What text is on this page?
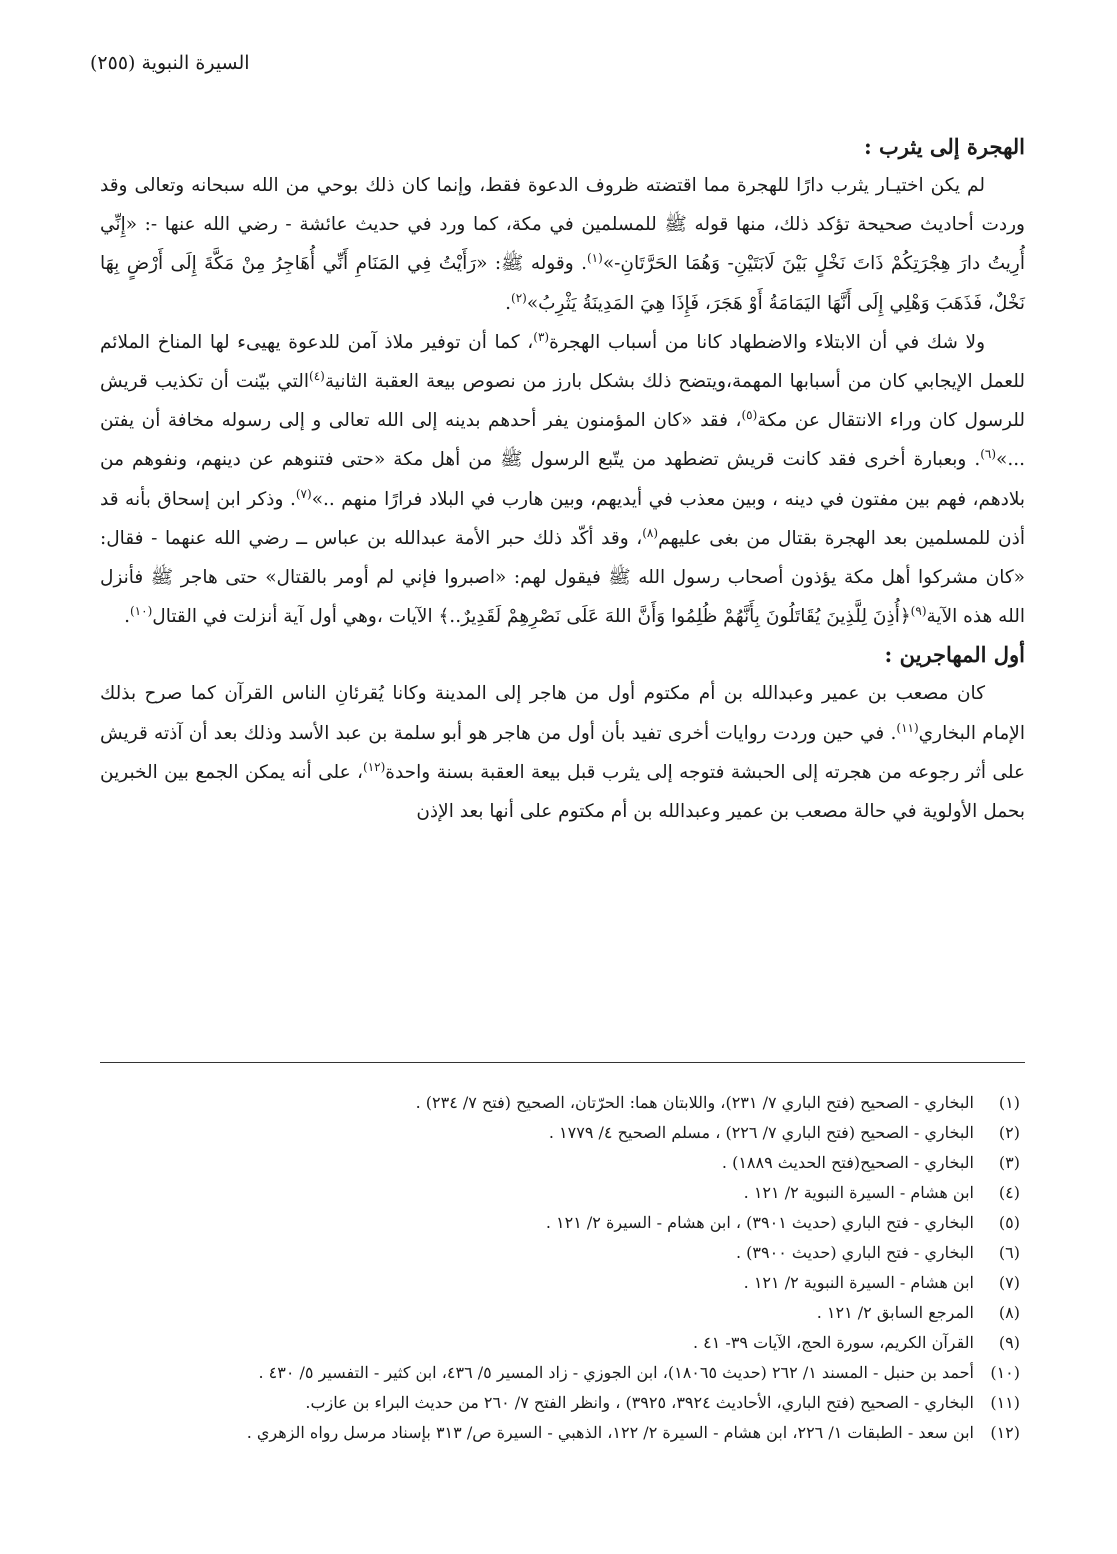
السيرة النبوية (٢٥٥)
الهجرة إلى يثرب :

لم يكن اختيـار يثرب دارًا للهجرة مما اقتضته ظروف الدعوة فقط، وإنما كان ذلك بوحي من الله سبحانه وتعالى وقد وردت أحاديث صحيحة تؤكد ذلك، منها قوله ﷺ للمسلمين في مكة، كما ورد في حديث عائشة - رضي الله عنها -: «إِنِّي أُرِيتُ دارَ هِجْرَتِكُمْ ذَاتَ نَخْلٍ بَيْنَ لَابَتَيْنِ- وَهُمَا الحَرَّتَانِ-»$^{(١)}$. وقوله ﷺ: «رَأَيْتُ فِي المَنَامِ أَنِّي أُهَاجِرُ مِنْ مَكَّةَ إِلَى أَرْضٍ بِهَا نَخْلٌ، فَذَهَبَ وَهْلِي إِلَى أَنَّهَا اليَمَامَةُ أَوْ هَجَرَ، فَإِذَا هِيَ المَدِينَةُ يَثْرِبُ»$^{(٢)}$.

ولا شك في أن الابتلاء والاضطهاد كانا من أسباب الهجرة$^{(٣)}$، كما أن توفير ملاذ آمن للدعوة يهيىء لها المناخ الملائم للعمل الإيجابي كان من أسبابها المهمة،ويتضح ذلك بشكل بارز من نصوص بيعة العقبة الثانية$^{(٤)}$التي بيّنت أن تكذيب قريش للرسول كان وراء الانتقال عن مكة$^{(٥)}$، فقد «كان المؤمنون يفر أحدهم بدينه إلى الله تعالى و إلى رسوله مخافة أن يفتن ...»$^{(٦)}$. وبعبارة أخرى فقد كانت قريش تضطهد من يتّبع الرسول ﷺ من أهل مكة «حتى فتنوهم عن دينهم، ونفوهم من بلادهم، فهم بين مفتون في دينه ، وبين معذب في أيديهم، وبين هارب في البلاد فرارًا منهم ..»$^{(٧)}$. وذكر ابن إسحاق بأنه قد أذن للمسلمين بعد الهجرة بقتال من بغى عليهم$^{(٨)}$، وقد أكّد ذلك حبر الأمة عبدالله بن عباس ــ رضي الله عنهما - فقال: «كان مشركوا أهل مكة يؤذون أصحاب رسول الله ﷺ فيقول لهم: «اصبروا فإني لم أومر بالقتال» حتى هاجر ﷺ فأنزل الله هذه الآية$^{(٩)}$﴿أُذِنَ لِلَّذِينَ يُقَاتَلُونَ بِأَنَّهُمْ ظُلِمُوا وَأَنَّ اللهَ عَلَى نَصْرِهِمْ لَقَدِيرٌ..﴾ الآيات ،وهي أول آية أنزلت في القتال$^{(١٠)}$.

أول المهاجرين :

كان مصعب بن عمير وعبدالله بن أم مكتوم أول من هاجر إلى المدينة وكانا يُقرئانِ الناس القرآن كما صرح بذلك الإمام البخاري$^{(١١)}$. في حين وردت روايات أخرى تفيد بأن أول من هاجر هو أبو سلمة بن عبد الأسد وذلك بعد أن آذته قريش على أثر رجوعه من هجرته إلى الحبشة فتوجه إلى يثرب قبل بيعة العقبة بسنة واحدة$^{(١٢)}$، على أنه يمكن الجمع بين الخبرين بحمل الأولوية في حالة مصعب بن عمير وعبدالله بن أم مكتوم على أنها بعد الإذن

(١)البخاري - الصحيح (فتح الباري ٧/ ٢٣١)، واللابتان هما: الحرّتان، الصحيح (فتح ٧/ ٢٣٤) .
(٢)البخاري - الصحيح (فتح الباري ٧/ ٢٢٦) ، مسلم الصحيح ٤/ ١٧٧٩ .
(٣)البخاري - الصحيح(فتح الحديث ١٨٨٩) .
(٤)ابن هشام - السيرة النبوية ٢/ ١٢١ .
(٥)البخاري - فتح الباري (حديث ٣٩٠١) ، ابن هشام - السيرة ٢/ ١٢١ .
(٦)البخاري - فتح الباري (حديث ٣٩٠٠) .
(٧)ابن هشام - السيرة النبوية ٢/ ١٢١ .
(٨)المرجع السابق ٢/ ١٢١ .
(٩)القرآن الكريم، سورة الحج، الآيات ٣٩- ٤١ .
(١٠)أحمد بن حنبل - المسند ١/ ٢٦٢ (حديث ١٨٠٦٥)، ابن الجوزي - زاد المسير ٥/ ٤٣٦، ابن كثير - التفسير ٥/ ٤٣٠ .
(١١)البخاري - الصحيح (فتح الباري، الأحاديث ٣٩٢٤، ٣٩٢٥) ، وانظر الفتح ٧/ ٢٦٠ من حديث البراء بن عازب.
(١٢)ابن سعد - الطبقات ١/ ٢٢٦، ابن هشام - السيرة ٢/ ١٢٢، الذهبي - السيرة ص/ ٣١٣ بإسناد مرسل رواه الزهري .
